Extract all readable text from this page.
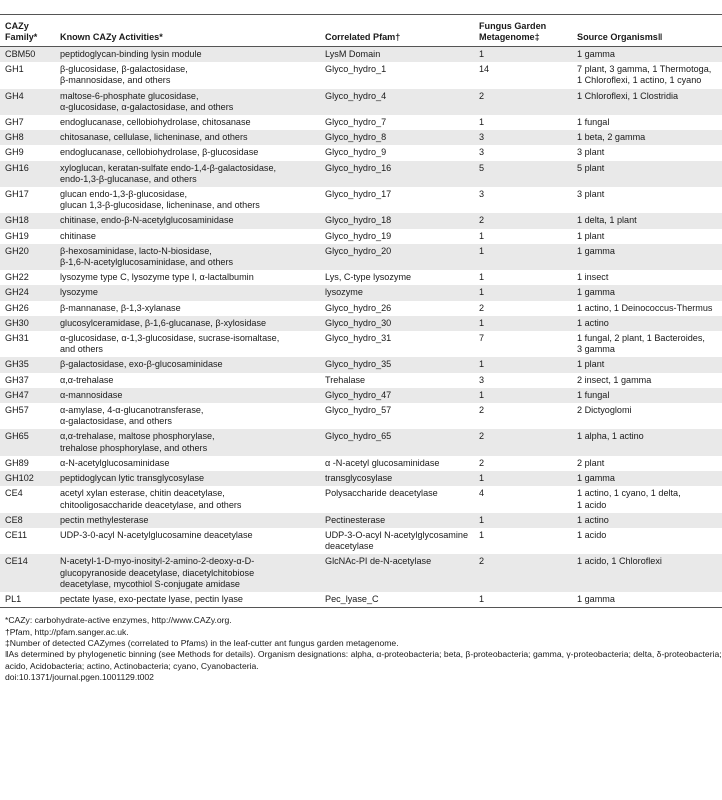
CAZy
Family*	Known CAZy Activities*	Correlated Pfam†	Fungus Garden
Metagenome‡	Source Organisms‖
CBM50	peptidoglycan-binding lysin module	LysM Domain	1	1 gamma
GH1	β-glucosidase, β-galactosidase,
β-mannosidase, and others	Glyco_hydro_1	14	7 plant, 3 gamma, 1 Thermotoga,
1 Chloroflexi, 1 actino, 1 cyano
GH4	maltose-6-phosphate glucosidase,
α-glucosidase, α-galactosidase, and others	Glyco_hydro_4	2	1 Chloroflexi, 1 Clostridia
GH7	endoglucanase, cellobiohydrolase, chitosanase	Glyco_hydro_7	1	1 fungal
GH8	chitosanase, cellulase, licheninase, and others	Glyco_hydro_8	3	1 beta, 2 gamma
GH9	endoglucanase, cellobiohydrolase, β-glucosidase	Glyco_hydro_9	3	3 plant
GH16	xyloglucan, keratan-sulfate endo-1,4-β-galactosidase,
endo-1,3-β-glucanase, and others	Glyco_hydro_16	5	5 plant
GH17	glucan endo-1,3-β-glucosidase,
glucan 1,3-β-glucosidase, licheninase, and others	Glyco_hydro_17	3	3 plant
GH18	chitinase, endo-β-N-acetylglucosaminidase	Glyco_hydro_18	2	1 delta, 1 plant
GH19	chitinase	Glyco_hydro_19	1	1 plant
GH20	β-hexosaminidase, lacto-N-biosidase,
β-1,6-N-acetylglucosaminidase, and others	Glyco_hydro_20	1	1 gamma
GH22	lysozyme type C, lysozyme type I, α-lactalbumin	Lys, C-type lysozyme	1	1 insect
GH24	lysozyme	lysozyme	1	1 gamma
GH26	β-mannanase, β-1,3-xylanase	Glyco_hydro_26	2	1 actino, 1 Deinococcus-Thermus
GH30	glucosylceramidase, β-1,6-glucanase, β-xylosidase	Glyco_hydro_30	1	1 actino
GH31	α-glucosidase, α-1,3-glucosidase, sucrase-isomaltase,
and others	Glyco_hydro_31	7	1 fungal, 2 plant, 1 Bacteroides,
3 gamma
GH35	β-galactosidase, exo-β-glucosaminidase	Glyco_hydro_35	1	1 plant
GH37	α,α-trehalase	Trehalase	3	2 insect, 1 gamma
GH47	α-mannosidase	Glyco_hydro_47	1	1 fungal
GH57	α-amylase, 4-α-glucanotransferase,
α-galactosidase, and others	Glyco_hydro_57	2	2 Dictyoglomi
GH65	α,α-trehalase, maltose phosphorylase,
trehalose phosphorylase, and others	Glyco_hydro_65	2	1 alpha, 1 actino
GH89	α-N-acetylglucosaminidase	α -N-acetyl glucosaminidase	2	2 plant
GH102	peptidoglycan lytic transglycosylase	transglycosylase	1	1 gamma
CE4	acetyl xylan esterase, chitin deacetylase,
chitooligosaccharide deacetylase, and others	Polysaccharide deacetylase	4	1 actino, 1 cyano, 1 delta,
1 acido
CE8	pectin methylesterase	Pectinesterase	1	1 actino
CE11	UDP-3-0-acyl N-acetylglucosamine deacetylase	UDP-3-O-acyl N-acetylglycosamine
deacetylase	1	1 acido
CE14	N-acetyl-1-D-myo-inosityl-2-amino-2-deoxy-α-D-
glucopyranoside deacetylase, diacetylchitobiose
deacetylase, mycothiol S-conjugate amidase	GlcNAc-PI de-N-acetylase	2	1 acido, 1 Chloroflexi
PL1	pectate lyase, exo-pectate lyase, pectin lyase	Pec_lyase_C	1	1 gamma
*CAZy: carbohydrate-active enzymes, http://www.CAZy.org.
†Pfam, http://pfam.sanger.ac.uk.
‡Number of detected CAZymes (correlated to Pfams) in the leaf-cutter ant fungus garden metagenome.
‖As determined by phylogenetic binning (see Methods for details). Organism designations: alpha, α-proteobacteria; beta, β-proteobacteria; gamma, γ-proteobacteria; delta, δ-proteobacteria; acido, Acidobacteria; actino, Actinobacteria; cyano, Cyanobacteria.
doi:10.1371/journal.pgen.1001129.t002
